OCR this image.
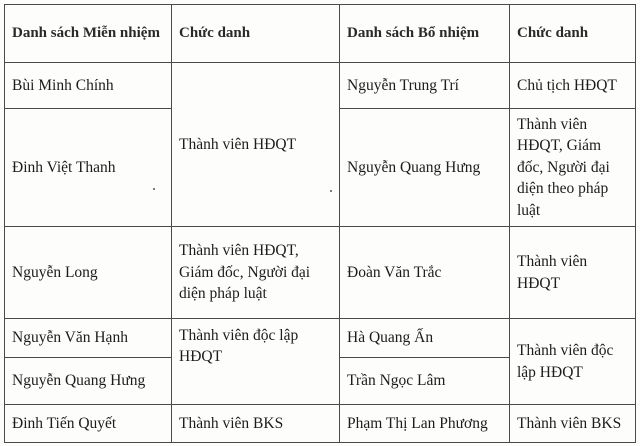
Danh sách Miễn nhiệm	Chức danh	Danh sách Bổ nhiệm	Chức danh
Bùi Minh Chính	Thành viên HĐQT	Nguyễn Trung Trí	Chủ tịch HĐQT
Đinh Việt Thanh		Nguyễn Quang Hưng	Thành viên HĐQT, Giám đốc, Người đại diện theo pháp luật
Nguyễn Long	Thành viên HĐQT, Giám đốc, Người đại diện pháp luật	Đoàn Văn Trắc	Thành viên HĐQT
Nguyễn Văn Hạnh	Thành viên độc lập HĐQT	Hà Quang Ấn	Thành viên độc lập HĐQT
Nguyễn Quang Hưng		Trần Ngọc Lâm	
Đinh Tiến Quyết	Thành viên BKS	Phạm Thị Lan Phương	Thành viên BKS
